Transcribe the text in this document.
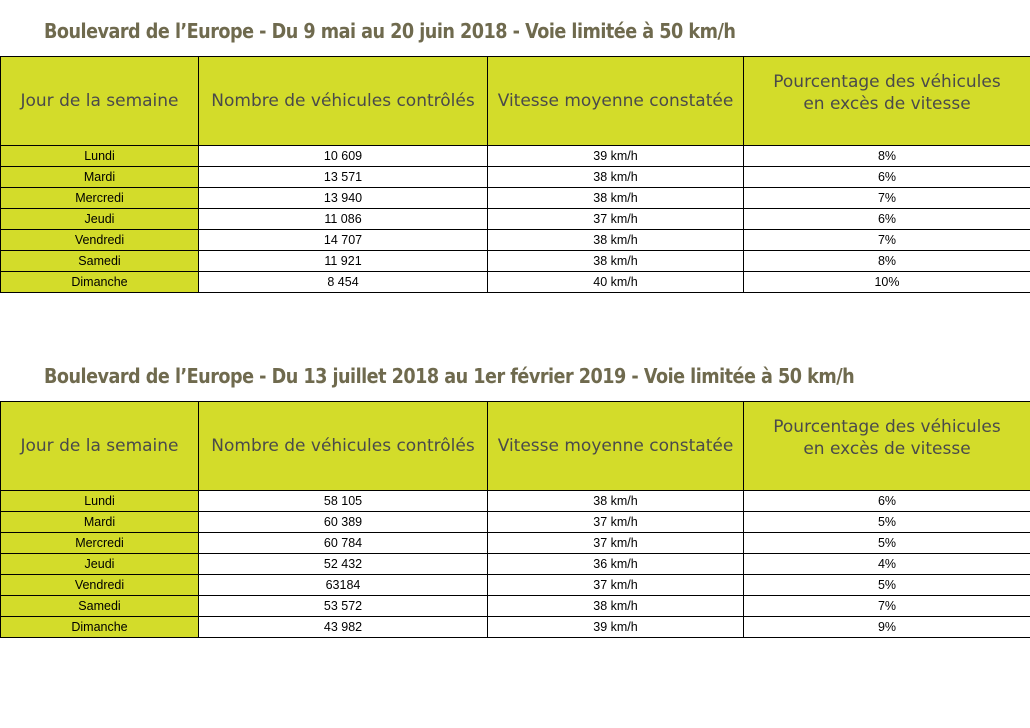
Boulevard de l’Europe - Du 9 mai au 20 juin 2018 - Voie limitée à 50 km/h
Jour de la semaine	Nombre de véhicules contrôlés	Vitesse moyenne constatée	Pourcentage des véhicules
en excès de vitesse
Lundi	10 609	39 km/h	8%
Mardi	13 571	38 km/h	6%
Mercredi	13 940	38 km/h	7%
Jeudi	11 086	37 km/h	6%
Vendredi	14 707	38 km/h	7%
Samedi	11 921	38 km/h	8%
Dimanche	8 454	40 km/h	10%
Boulevard de l’Europe - Du 13 juillet 2018 au 1er février 2019 - Voie limitée à 50 km/h
Jour de la semaine	Nombre de véhicules contrôlés	Vitesse moyenne constatée	Pourcentage des véhicules
en excès de vitesse
Lundi	58 105	38 km/h	6%
Mardi	60 389	37 km/h	5%
Mercredi	60 784	37 km/h	5%
Jeudi	52 432	36 km/h	4%
Vendredi	63184	37 km/h	5%
Samedi	53 572	38 km/h	7%
Dimanche	43 982	39 km/h	9%
